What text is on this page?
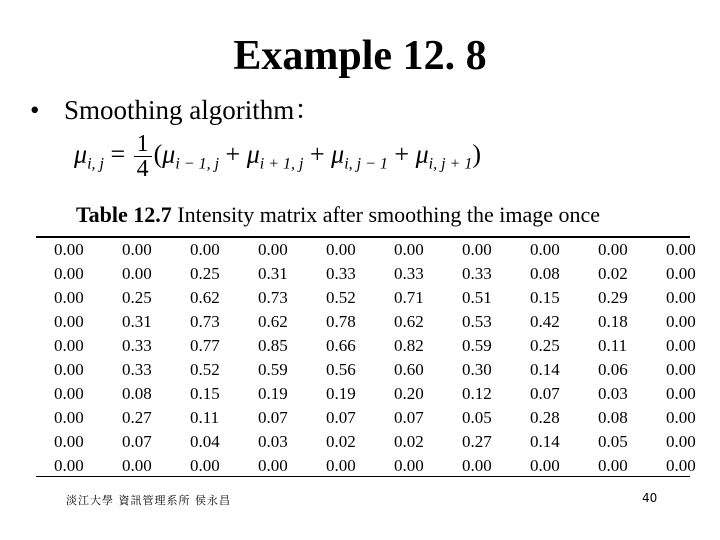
Example 12. 8
• Smoothing algorithm：
$\mu_{i, j} = \frac{1}{4} (\mu_{i - 1, j} + \mu_{i + 1, j} + \mu_{i, j - 1} + \mu_{i, j + 1})$
Table 12.7 Intensity matrix after smoothing the image once
0.00	0.00	0.00	0.00	0.00	0.00	0.00	0.00	0.00	0.00
0.00	0.00	0.25	0.31	0.33	0.33	0.33	0.08	0.02	0.00
0.00	0.25	0.62	0.73	0.52	0.71	0.51	0.15	0.29	0.00
0.00	0.31	0.73	0.62	0.78	0.62	0.53	0.42	0.18	0.00
0.00	0.33	0.77	0.85	0.66	0.82	0.59	0.25	0.11	0.00
0.00	0.33	0.52	0.59	0.56	0.60	0.30	0.14	0.06	0.00
0.00	0.08	0.15	0.19	0.19	0.20	0.12	0.07	0.03	0.00
0.00	0.27	0.11	0.07	0.07	0.07	0.05	0.28	0.08	0.00
0.00	0.07	0.04	0.03	0.02	0.02	0.27	0.14	0.05	0.00
0.00	0.00	0.00	0.00	0.00	0.00	0.00	0.00	0.00	0.00
淡江大學 資訊管理系所 侯永昌	40
